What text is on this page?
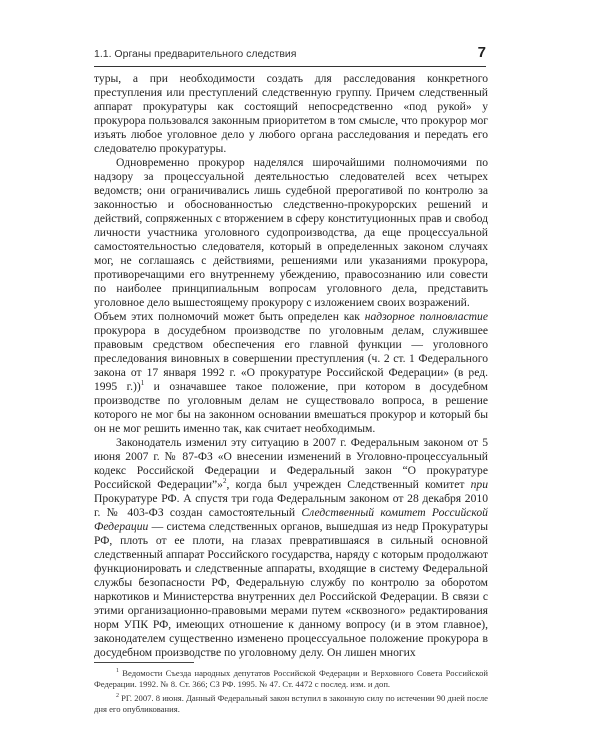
1.1. Органы предварительного следствия	7

туры, а при необходимости создать для расследования конкретного преступления или преступлений следственную группу. Причем следственный аппарат прокуратуры как состоящий непосредственно «под рукой» у прокурора пользовался законным приоритетом в том смысле, что прокурор мог изъять любое уголовное дело у любого органа расследования и передать его следователю прокуратуры.

Одновременно прокурор наделялся широчайшими полномочиями по надзору за процессуальной деятельностью следователей всех четырех ведомств; они ограничивались лишь судебной прерогативой по контролю за законностью и обоснованностью следственно-прокурорских решений и действий, сопряженных с вторжением в сферу конституционных прав и свобод личности участника уголовного судопроизводства, да еще процессуальной самостоятельностью следователя, который в определенных законом случаях мог, не соглашаясь с действиями, решениями или указаниями прокурора, противоречащими его внутреннему убеждению, правосознанию или совести по наиболее принципиальным вопросам уголовного дела, представить уголовное дело вышестоящему прокурору с изложением своих возражений.

Объем этих полномочий может быть определен как надзорное полновластие прокурора в досудебном производстве по уголовным делам, служившее правовым средством обеспечения его главной функции — уголовного преследования виновных в совершении преступления (ч. 2 ст. 1 Федерального закона от 17 января 1992 г. «О прокуратуре Российской Федерации» (в ред. 1995 г.))$^1$ и означавшее такое положение, при котором в досудебном производстве по уголовным делам не существовало вопроса, в решение которого не мог бы на законном основании вмешаться прокурор и который бы он не мог решить именно так, как считает необходимым.

Законодатель изменил эту ситуацию в 2007 г. Федеральным законом от 5 июня 2007 г. № 87-ФЗ «О внесении изменений в Уголовно-процессуальный кодекс Российской Федерации и Федеральный закон “О прокуратуре Российской Федерации”»$^2$, когда был учрежден Следственный комитет при Прокуратуре РФ. А спустя три года Федеральным законом от 28 декабря 2010 г. № 403-ФЗ создан самостоятельный Следственный комитет Российской Федерации — система следственных органов, вышедшая из недр Прокуратуры РФ, плоть от ее плоти, на глазах превратившаяся в сильный основной следственный аппарат Российского государства, наряду с которым продолжают функционировать и следственные аппараты, входящие в систему Федеральной службы безопасности РФ, Федеральную службу по контролю за оборотом наркотиков и Министерства внутренних дел Российской Федерации. В связи с этими организационно-правовыми мерами путем «сквозного» редактирования норм УПК РФ, имеющих отношение к данному вопросу (и в этом главное), законодателем существенно изменено процессуальное положение прокурора в досудебном производстве по уголовному делу. Он лишен многих

$^1$ Ведомости Съезда народных депутатов Российской Федерации и Верховного Совета Российской Федерации. 1992. № 8. Ст. 366; СЗ РФ. 1995. № 47. Ст. 4472 с послед. изм. и доп.

$^2$ РГ. 2007. 8 июня. Данный Федеральный закон вступил в законную силу по истечении 90 дней после дня его опубликования.
